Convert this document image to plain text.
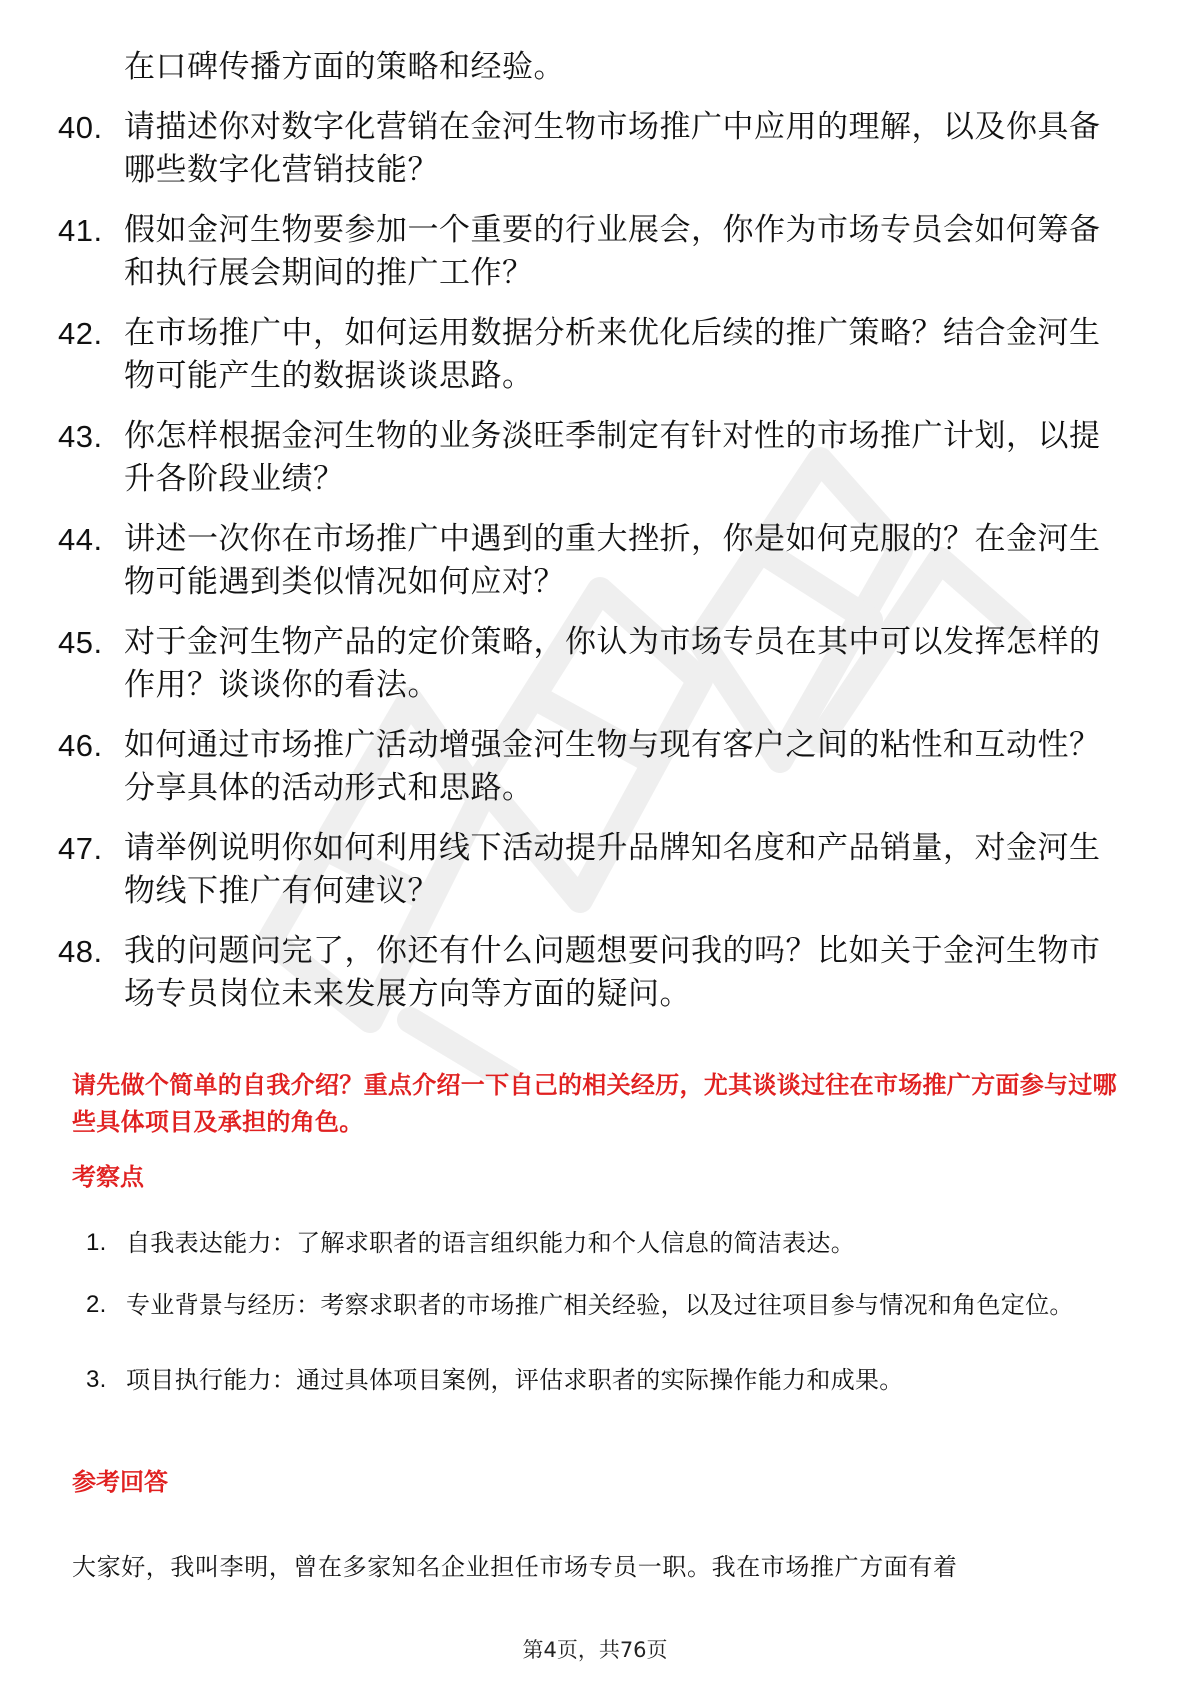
在口碑传播方面的策略和经验。
40. 请描述你对数字化营销在金河生物市场推广中应用的理解，以及你具备哪些数字化营销技能？
41. 假如金河生物要参加一个重要的行业展会，你作为市场专员会如何筹备和执行展会期间的推广工作？
42. 在市场推广中，如何运用数据分析来优化后续的推广策略？结合金河生物可能产生的数据谈谈思路。
43. 你怎样根据金河生物的业务淡旺季制定有针对性的市场推广计划，以提升各阶段业绩？
44. 讲述一次你在市场推广中遇到的重大挫折，你是如何克服的？在金河生物可能遇到类似情况如何应对？
45. 对于金河生物产品的定价策略，你认为市场专员在其中可以发挥怎样的作用？谈谈你的看法。
46. 如何通过市场推广活动增强金河生物与现有客户之间的粘性和互动性？分享具体的活动形式和思路。
47. 请举例说明你如何利用线下活动提升品牌知名度和产品销量，对金河生物线下推广有何建议？
48. 我的问题问完了，你还有什么问题想要问我的吗？比如关于金河生物市场专员岗位未来发展方向等方面的疑问。
请先做个简单的自我介绍？重点介绍一下自己的相关经历，尤其谈谈过往在市场推广方面参与过哪些具体项目及承担的角色。
考察点
1. 自我表达能力：了解求职者的语言组织能力和个人信息的简洁表达。
2. 专业背景与经历：考察求职者的市场推广相关经验，以及过往项目参与情况和角色定位。
3. 项目执行能力：通过具体项目案例，评估求职者的实际操作能力和成果。
参考回答
大家好，我叫李明，曾在多家知名企业担任市场专员一职。我在市场推广方面有着
第4页，共76页
